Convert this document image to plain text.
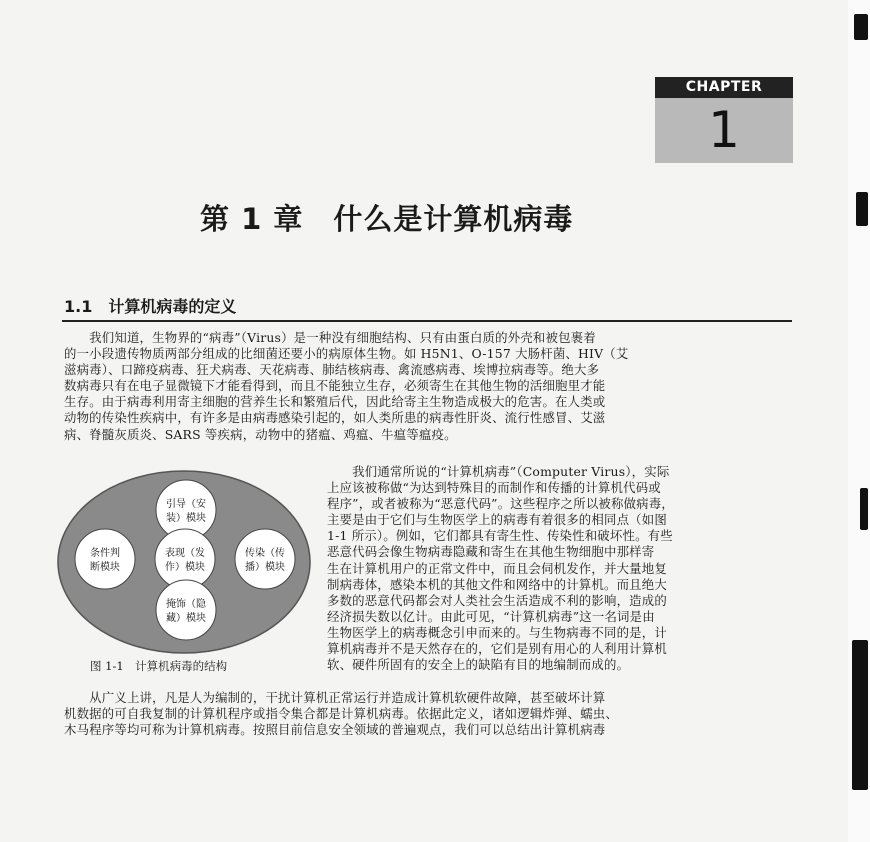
CHAPTER
1
第 1 章　什么是计算机病毒
1.1  计算机病毒的定义
　　我们知道，生物界的“病毒”（Virus）是一种没有细胞结构、只有由蛋白质的外壳和被包裹着
的一小段遗传物质两部分组成的比细菌还要小的病原体生物。如 H5N1、O-157 大肠杆菌、HIV（艾
滋病毒）、口蹄疫病毒、狂犬病毒、天花病毒、肺结核病毒、禽流感病毒、埃博拉病毒等。绝大多
数病毒只有在电子显微镜下才能看得到，而且不能独立生存，必须寄生在其他生物的活细胞里才能
生存。由于病毒利用寄主细胞的营养生长和繁殖后代，因此给寄主生物造成极大的危害。在人类或
动物的传染性疾病中，有许多是由病毒感染引起的，如人类所患的病毒性肝炎、流行性感冒、艾滋
病、脊髓灰质炎、SARS 等疾病，动物中的猪瘟、鸡瘟、牛瘟等瘟疫。
　　我们通常所说的“计算机病毒”（Computer Virus），实际
上应该被称做“为达到特殊目的而制作和传播的计算机代码或
程序”，或者被称为“恶意代码”。这些程序之所以被称做病毒，
主要是由于它们与生物医学上的病毒有着很多的相同点（如图
1-1 所示）。例如，它们都具有寄生性、传染性和破坏性。有些
恶意代码会像生物病毒隐藏和寄生在其他生物细胞中那样寄
生在计算机用户的正常文件中，而且会伺机发作，并大量地复
制病毒体，感染本机的其他文件和网络中的计算机。而且绝大
多数的恶意代码都会对人类社会生活造成不利的影响，造成的
经济损失数以亿计。由此可见，“计算机病毒”这一名词是由
生物医学上的病毒概念引申而来的。与生物病毒不同的是，计
算机病毒并不是天然存在的，它们是别有用心的人利用计算机
软、硬件所固有的安全上的缺陷有目的地编制而成的。
引导（安
装）模块
条件判
断模块
表现（发
作）模块
传染（传
播）模块
掩饰（隐
藏）模块
图 1-1　计算机病毒的结构
　　从广义上讲，凡是人为编制的，干扰计算机正常运行并造成计算机软硬件故障，甚至破坏计算
机数据的可自我复制的计算机程序或指令集合都是计算机病毒。依据此定义，诸如逻辑炸弹、蠕虫、
木马程序等均可称为计算机病毒。按照目前信息安全领域的普遍观点，我们可以总结出计算机病毒
